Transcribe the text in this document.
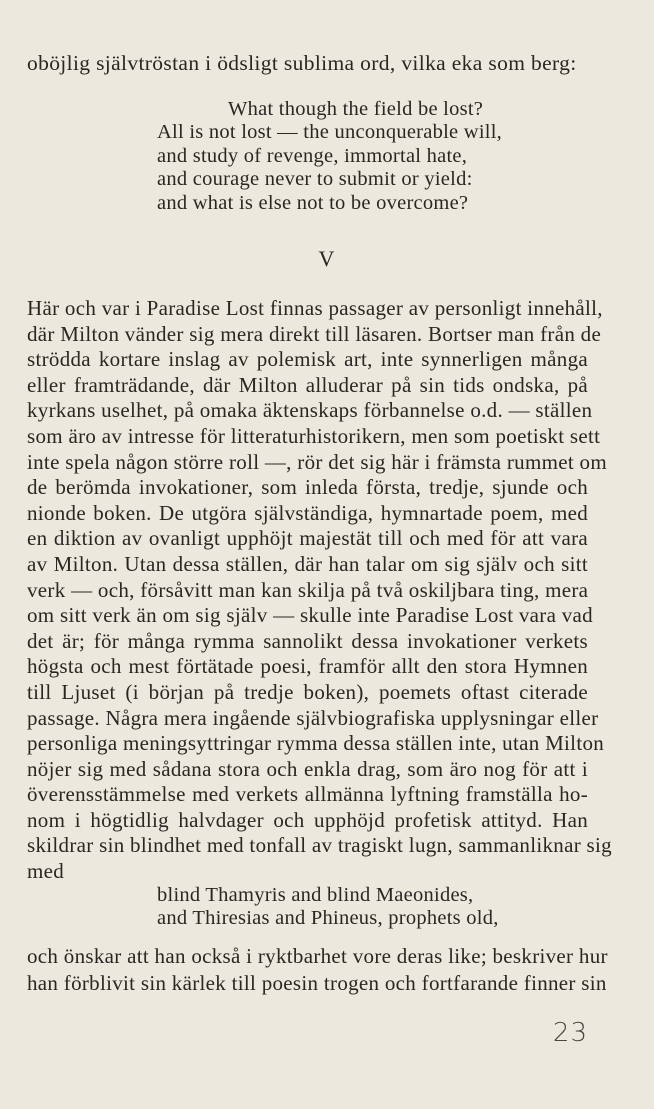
oböjlig självtröstan i ödsligt sublima ord, vilka eka som berg:
What though the field be lost?
All is not lost — the unconquerable will,
and study of revenge, immortal hate,
and courage never to submit or yield:
and what is else not to be overcome?
V
Här och var i Paradise Lost finnas passager av personligt innehåll,
där Milton vänder sig mera direkt till läsaren. Bortser man från de
strödda kortare inslag av polemisk art, inte synnerligen många
eller framträdande, där Milton alluderar på sin tids ondska, på
kyrkans uselhet, på omaka äktenskaps förbannelse o.d. — ställen
som äro av intresse för litteraturhistorikern, men som poetiskt sett
inte spela någon större roll —, rör det sig här i främsta rummet om
de berömda invokationer, som inleda första, tredje, sjunde och
nionde boken. De utgöra självständiga, hymnartade poem, med
en diktion av ovanligt upphöjt majestät till och med för att vara
av Milton. Utan dessa ställen, där han talar om sig själv och sitt
verk — och, försåvitt man kan skilja på två oskiljbara ting, mera
om sitt verk än om sig själv — skulle inte Paradise Lost vara vad
det är; för många rymma sannolikt dessa invokationer verkets
högsta och mest förtätade poesi, framför allt den stora Hymnen
till Ljuset (i början på tredje boken), poemets oftast citerade
passage. Några mera ingående självbiografiska upplysningar eller
personliga meningsyttringar rymma dessa ställen inte, utan Milton
nöjer sig med sådana stora och enkla drag, som äro nog för att i
överensstämmelse med verkets allmänna lyftning framställa ho-
nom i högtidlig halvdager och upphöjd profetisk attityd. Han
skildrar sin blindhet med tonfall av tragiskt lugn, sammanliknar sig
med
blind Thamyris and blind Maeonides,
and Thiresias and Phineus, prophets old,
och önskar att han också i ryktbarhet vore deras like; beskriver hur
han förblivit sin kärlek till poesin trogen och fortfarande finner sin
23
